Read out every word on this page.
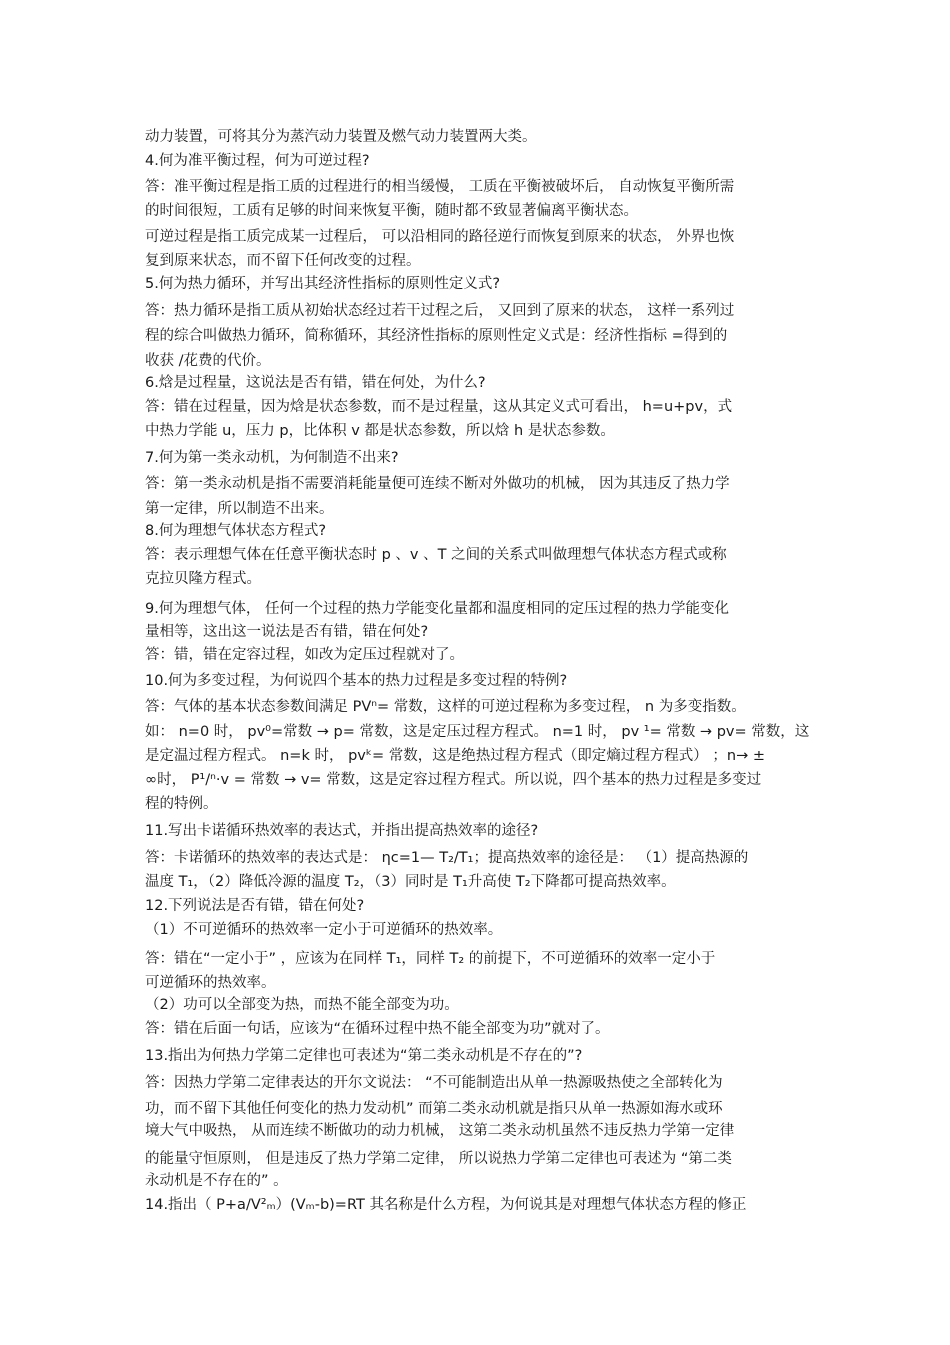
动力装置，可将其分为蒸汽动力装置及燃气动力装置两大类。
4.何为准平衡过程，何为可逆过程?
答：准平衡过程是指工质的过程进行的相当缓慢， 工质在平衡被破坏后， 自动恢复平衡所需
的时间很短，工质有足够的时间来恢复平衡，随时都不致显著偏离平衡状态。
可逆过程是指工质完成某一过程后， 可以沿相同的路径逆行而恢复到原来的状态， 外界也恢
复到原来状态，而不留下任何改变的过程。
5.何为热力循环，并写出其经济性指标的原则性定义式?
答：热力循环是指工质从初始状态经过若干过程之后， 又回到了原来的状态， 这样一系列过
程的综合叫做热力循环，简称循环，其经济性指标的原则性定义式是：经济性指标 =得到的
收获 /花费的代价。
6.焓是过程量，这说法是否有错，错在何处，为什么?
答：错在过程量，因为焓是状态参数，而不是过程量，这从其定义式可看出， h=u+pv，式
中热力学能 u，压力 p，比体积 v 都是状态参数，所以焓 h 是状态参数。
7.何为第一类永动机，为何制造不出来?
答：第一类永动机是指不需要消耗能量便可连续不断对外做功的机械， 因为其违反了热力学
第一定律，所以制造不出来。
8.何为理想气体状态方程式?
答：表示理想气体在任意平衡状态时 p 、v 、T 之间的关系式叫做理想气体状态方程式或称
克拉贝隆方程式。
9.何为理想气体， 任何一个过程的热力学能变化量都和温度相同的定压过程的热力学能变化
量相等，这出这一说法是否有错，错在何处?
答：错，错在定容过程，如改为定压过程就对了。
10.何为多变过程，为何说四个基本的热力过程是多变过程的特例?
答：气体的基本状态参数间满足 PVⁿ= 常数，这样的可逆过程称为多变过程， n 为多变指数。
如： n=0 时， pv⁰=常数 → p= 常数，这是定压过程方程式。 n=1 时， pv ¹= 常数 → pv= 常数，这
是定温过程方程式。 n=k 时， pvᵏ= 常数，这是绝热过程方程式（即定熵过程方程式） ；n→ ±
∞时， P¹/ⁿ·v = 常数 → v= 常数，这是定容过程方程式。所以说，四个基本的热力过程是多变过
程的特例。
11.写出卡诺循环热效率的表达式，并指出提高热效率的途径?
答：卡诺循环的热效率的表达式是： ηc=1— T₂/T₁；提高热效率的途径是： （1）提高热源的
温度 T₁，（2）降低冷源的温度 T₂，（3）同时是 T₁升高使 T₂下降都可提高热效率。
12.下列说法是否有错，错在何处?
（1）不可逆循环的热效率一定小于可逆循环的热效率。
答：错在“一定小于” ，应该为在同样 T₁，同样 T₂ 的前提下，不可逆循环的效率一定小于
可逆循环的热效率。
（2）功可以全部变为热，而热不能全部变为功。
答：错在后面一句话，应该为“在循环过程中热不能全部变为功”就对了。
13.指出为何热力学第二定律也可表述为“第二类永动机是不存在的”?
答：因热力学第二定律表达的开尔文说法： “不可能制造出从单一热源吸热使之全部转化为
功，而不留下其他任何变化的热力发动机” 而第二类永动机就是指只从单一热源如海水或环
境大气中吸热， 从而连续不断做功的动力机械， 这第二类永动机虽然不违反热力学第一定律
的能量守恒原则， 但是违反了热力学第二定律， 所以说热力学第二定律也可表述为 “第二类
永动机是不存在的” 。
14.指出（ P+a/V²ₘ）(Vₘ-b)=RT 其名称是什么方程，为何说其是对理想气体状态方程的修正
